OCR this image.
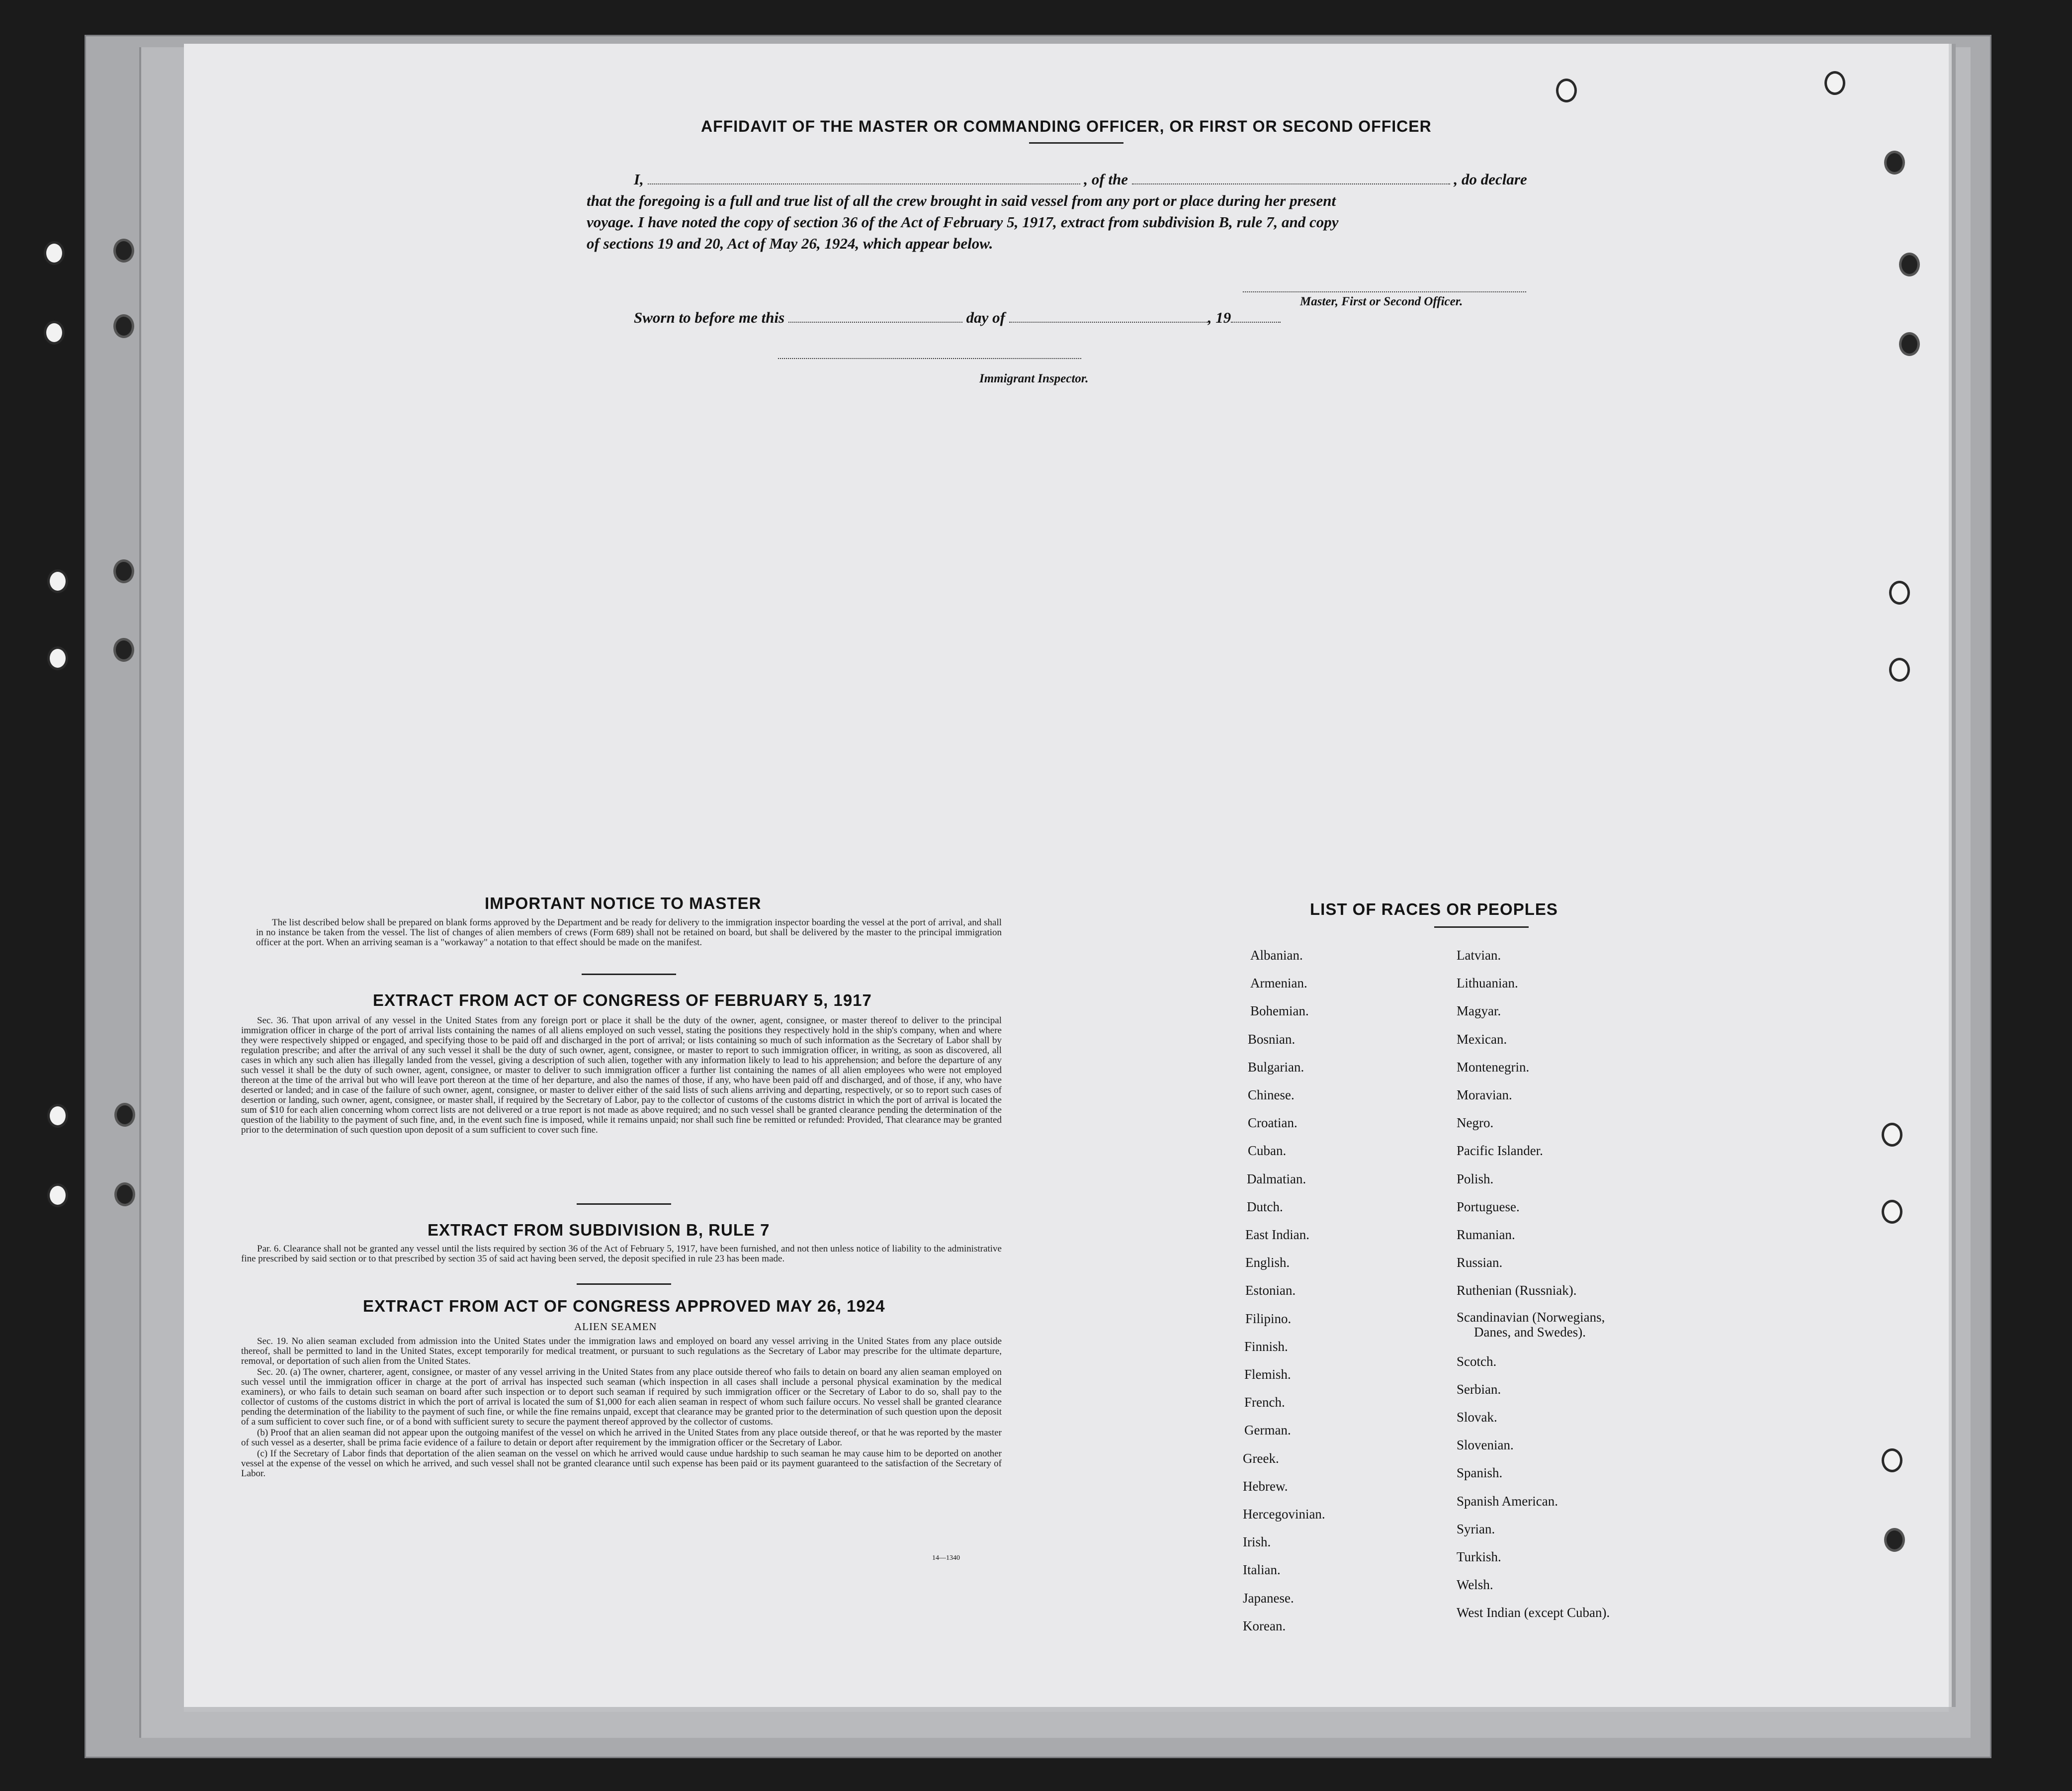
AFFIDAVIT OF THE MASTER OR COMMANDING OFFICER, OR FIRST OR SECOND OFFICER
I,	, of the	, do declare
that the foregoing is a full and true list of all the crew brought in said vessel from any port or place during her present
voyage. I have noted the copy of section 36 of the Act of February 5, 1917, extract from subdivision B, rule 7, and copy
of sections 19 and 20, Act of May 26, 1924, which appear below.
Master, First or Second Officer.
Sworn to before me this	day of	, 19
Immigrant Inspector.
IMPORTANT NOTICE TO MASTER

The list described below shall be prepared on blank forms approved by the Department and be ready for delivery to the immigration inspector boarding the vessel at the port of arrival, and shall in no instance be taken from the vessel. The list of changes of alien members of crews (Form 689) shall not be retained on board, but shall be delivered by the master to the principal immigration officer at the port. When an arriving seaman is a "workaway" a notation to that effect should be made on the manifest.

EXTRACT FROM ACT OF CONGRESS OF FEBRUARY 5, 1917

Sec. 36. That upon arrival of any vessel in the United States from any foreign port or place it shall be the duty of the owner, agent, consignee, or master thereof to deliver to the principal immigration officer in charge of the port of arrival lists containing the names of all aliens employed on such vessel, stating the positions they respectively hold in the ship's company, when and where they were respectively shipped or engaged, and specifying those to be paid off and discharged in the port of arrival; or lists containing so much of such information as the Secretary of Labor shall by regulation prescribe; and after the arrival of any such vessel it shall be the duty of such owner, agent, consignee, or master to report to such immigration officer, in writing, as soon as discovered, all cases in which any such alien has illegally landed from the vessel, giving a description of such alien, together with any information likely to lead to his apprehension; and before the departure of any such vessel it shall be the duty of such owner, agent, consignee, or master to deliver to such immigration officer a further list containing the names of all alien employees who were not employed thereon at the time of the arrival but who will leave port thereon at the time of her departure, and also the names of those, if any, who have been paid off and discharged, and of those, if any, who have deserted or landed; and in case of the failure of such owner, agent, consignee, or master to deliver either of the said lists of such aliens arriving and departing, respectively, or so to report such cases of desertion or landing, such owner, agent, consignee, or master shall, if required by the Secretary of Labor, pay to the collector of customs of the customs district in which the port of arrival is located the sum of $10 for each alien concerning whom correct lists are not delivered or a true report is not made as above required; and no such vessel shall be granted clearance pending the determination of the question of the liability to the payment of such fine, and, in the event such fine is imposed, while it remains unpaid; nor shall such fine be remitted or refunded: Provided, That clearance may be granted prior to the determination of such question upon deposit of a sum sufficient to cover such fine.

EXTRACT FROM SUBDIVISION B, RULE 7

Par. 6. Clearance shall not be granted any vessel until the lists required by section 36 of the Act of February 5, 1917, have been furnished, and not then unless notice of liability to the administrative fine prescribed by said section or to that prescribed by section 35 of said act having been served, the deposit specified in rule 23 has been made.

EXTRACT FROM ACT OF CONGRESS APPROVED MAY 26, 1924
ALIEN SEAMEN

Sec. 19. No alien seaman excluded from admission into the United States under the immigration laws and employed on board any vessel arriving in the United States from any place outside thereof, shall be permitted to land in the United States, except temporarily for medical treatment, or pursuant to such regulations as the Secretary of Labor may prescribe for the ultimate departure, removal, or deportation of such alien from the United States.

Sec. 20. (a) The owner, charterer, agent, consignee, or master of any vessel arriving in the United States from any place outside thereof who fails to detain on board any alien seaman employed on such vessel until the immigration officer in charge at the port of arrival has inspected such seaman (which inspection in all cases shall include a personal physical examination by the medical examiners), or who fails to detain such seaman on board after such inspection or to deport such seaman if required by such immigration officer or the Secretary of Labor to do so, shall pay to the collector of customs of the customs district in which the port of arrival is located the sum of $1,000 for each alien seaman in respect of whom such failure occurs. No vessel shall be granted clearance pending the determination of the liability to the payment of such fine, or while the fine remains unpaid, except that clearance may be granted prior to the determination of such question upon the deposit of a sum sufficient to cover such fine, or of a bond with sufficient surety to secure the payment thereof approved by the collector of customs.

(b) Proof that an alien seaman did not appear upon the outgoing manifest of the vessel on which he arrived in the United States from any place outside thereof, or that he was reported by the master of such vessel as a deserter, shall be prima facie evidence of a failure to detain or deport after requirement by the immigration officer or the Secretary of Labor.

(c) If the Secretary of Labor finds that deportation of the alien seaman on the vessel on which he arrived would cause undue hardship to such seaman he may cause him to be deported on another vessel at the expense of the vessel on which he arrived, and such vessel shall not be granted clearance until such expense has been paid or its payment guaranteed to the satisfaction of the Secretary of Labor.

14—1340
LIST OF RACES OR PEOPLES
Albanian.
Armenian.
Bohemian.
Bosnian.
Bulgarian.
Chinese.
Croatian.
Cuban.
Dalmatian.
Dutch.
East Indian.
English.
Estonian.
Filipino.
Finnish.
Flemish.
French.
German.
Greek.
Hebrew.
Hercegovinian.
Irish.
Italian.
Japanese.
Korean.
Latvian.
Lithuanian.
Magyar.
Mexican.
Montenegrin.
Moravian.
Negro.
Pacific Islander.
Polish.
Portuguese.
Rumanian.
Russian.
Ruthenian (Russniak).
Scandinavian (Norwegians,
Danes, and Swedes).
Scotch.
Serbian.
Slovak.
Slovenian.
Spanish.
Spanish American.
Syrian.
Turkish.
Welsh.
West Indian (except Cuban).
